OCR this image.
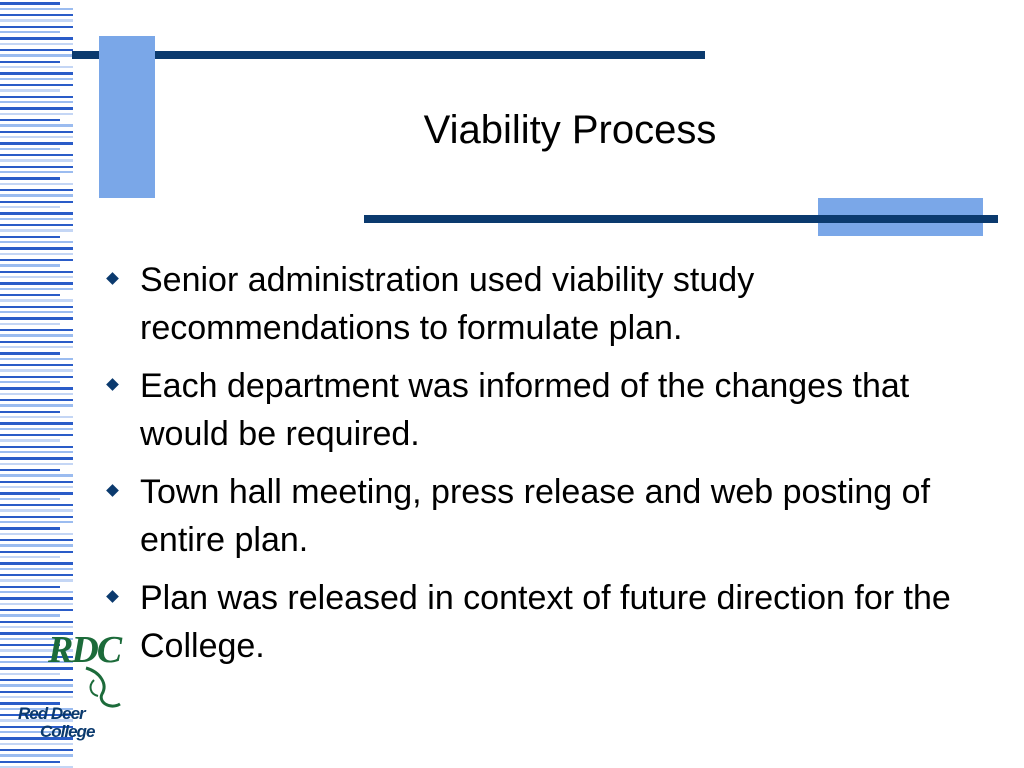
Viability Process
Senior administration used viability study recommendations to formulate plan.
Each department was informed of the changes that would be required.
Town hall meeting, press release and web posting of entire plan.
Plan was released in context of future direction for the College.
RDC
Red Deer
College
